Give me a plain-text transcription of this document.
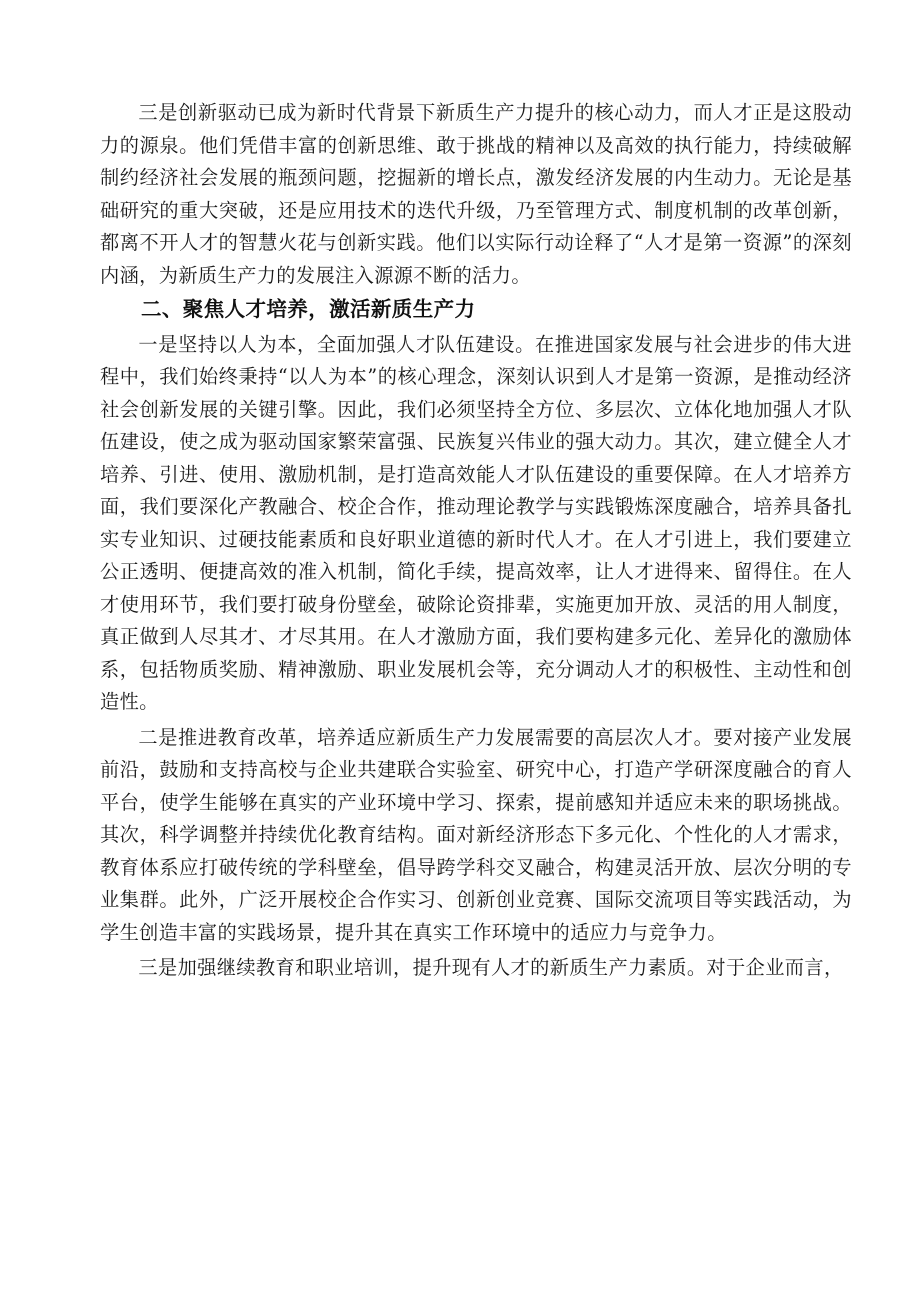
三是创新驱动已成为新时代背景下新质生产力提升的核心动力，而人才正是这股动力的源泉。他们凭借丰富的创新思维、敢于挑战的精神以及高效的执行能力，持续破解制约经济社会发展的瓶颈问题，挖掘新的增长点，激发经济发展的内生动力。无论是基础研究的重大突破，还是应用技术的迭代升级，乃至管理方式、制度机制的改革创新，都离不开人才的智慧火花与创新实践。他们以实际行动诠释了“人才是第一资源”的深刻内涵，为新质生产力的发展注入源源不断的活力。

二、聚焦人才培养，激活新质生产力

一是坚持以人为本，全面加强人才队伍建设。在推进国家发展与社会进步的伟大进程中，我们始终秉持“以人为本”的核心理念，深刻认识到人才是第一资源，是推动经济社会创新发展的关键引擎。因此，我们必须坚持全方位、多层次、立体化地加强人才队伍建设，使之成为驱动国家繁荣富强、民族复兴伟业的强大动力。其次，建立健全人才培养、引进、使用、激励机制，是打造高效能人才队伍建设的重要保障。在人才培养方面，我们要深化产教融合、校企合作，推动理论教学与实践锻炼深度融合，培养具备扎实专业知识、过硬技能素质和良好职业道德的新时代人才。在人才引进上，我们要建立公正透明、便捷高效的准入机制，简化手续，提高效率，让人才进得来、留得住。在人才使用环节，我们要打破身份壁垒，破除论资排辈，实施更加开放、灵活的用人制度，真正做到人尽其才、才尽其用。在人才激励方面，我们要构建多元化、差异化的激励体系，包括物质奖励、精神激励、职业发展机会等，充分调动人才的积极性、主动性和创造性。

二是推进教育改革，培养适应新质生产力发展需要的高层次人才。要对接产业发展前沿，鼓励和支持高校与企业共建联合实验室、研究中心，打造产学研深度融合的育人平台，使学生能够在真实的产业环境中学习、探索，提前感知并适应未来的职场挑战。其次，科学调整并持续优化教育结构。面对新经济形态下多元化、个性化的人才需求，教育体系应打破传统的学科壁垒，倡导跨学科交叉融合，构建灵活开放、层次分明的专业集群。此外，广泛开展校企合作实习、创新创业竞赛、国际交流项目等实践活动，为学生创造丰富的实践场景，提升其在真实工作环境中的适应力与竞争力。

三是加强继续教育和职业培训，提升现有人才的新质生产力素质。对于企业而言，
